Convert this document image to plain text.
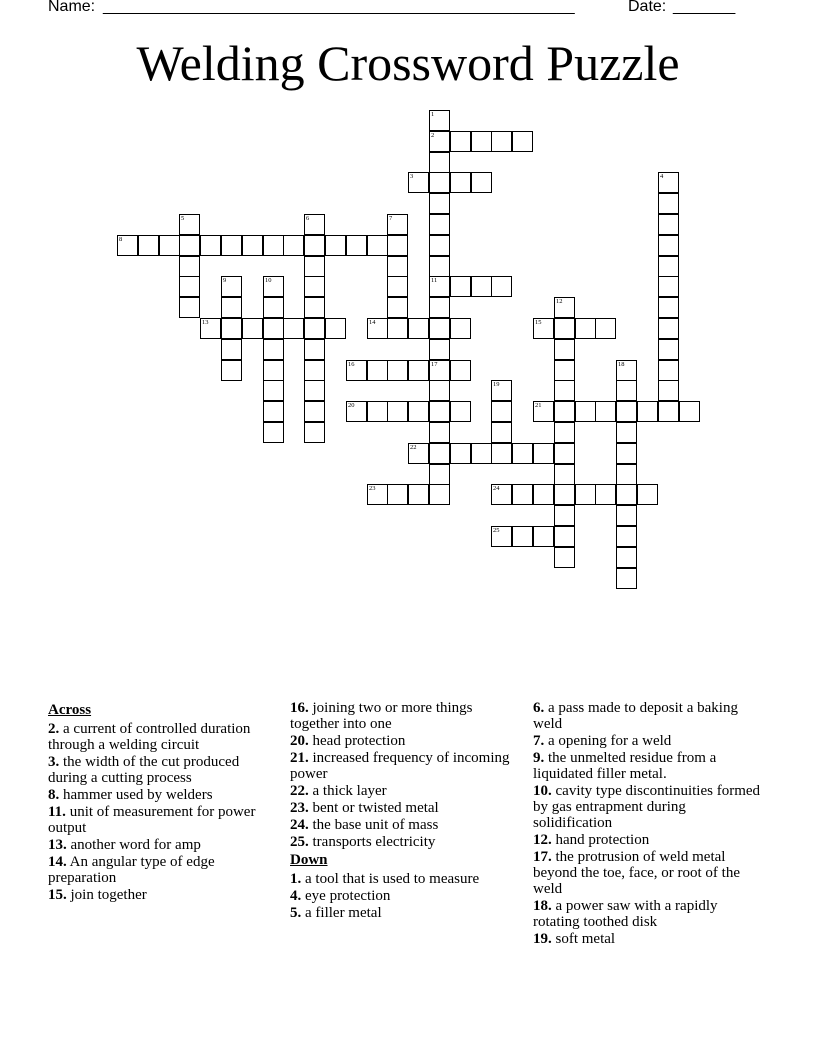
Name: _____________________________________________________	Date: _______
Welding Crossword Puzzle
1
2
11
17
3	4
5	6	7
8
9	10
12
13	14	15
16	18
19
20	21
22
23	24
25
Across
2. a current of controlled duration through a welding circuit
3. the width of the cut produced during a cutting process
8. hammer used by welders
11. unit of measurement for power output
13. another word for amp
14. An angular type of edge preparation
15. join together
16. joining two or more things together into one
20. head protection
21. increased frequency of incoming power
22. a thick layer
23. bent or twisted metal
24. the base unit of mass
25. transports electricity
Down
1. a tool that is used to measure
4. eye protection
5. a filler metal
6. a pass made to deposit a baking weld
7. a opening for a weld
9. the unmelted residue from a liquidated filler metal.
10. cavity type discontinuities formed by gas entrapment during solidification
12. hand protection
17. the protrusion of weld metal beyond the toe, face, or root of the weld
18. a power saw with a rapidly rotating toothed disk
19. soft metal
